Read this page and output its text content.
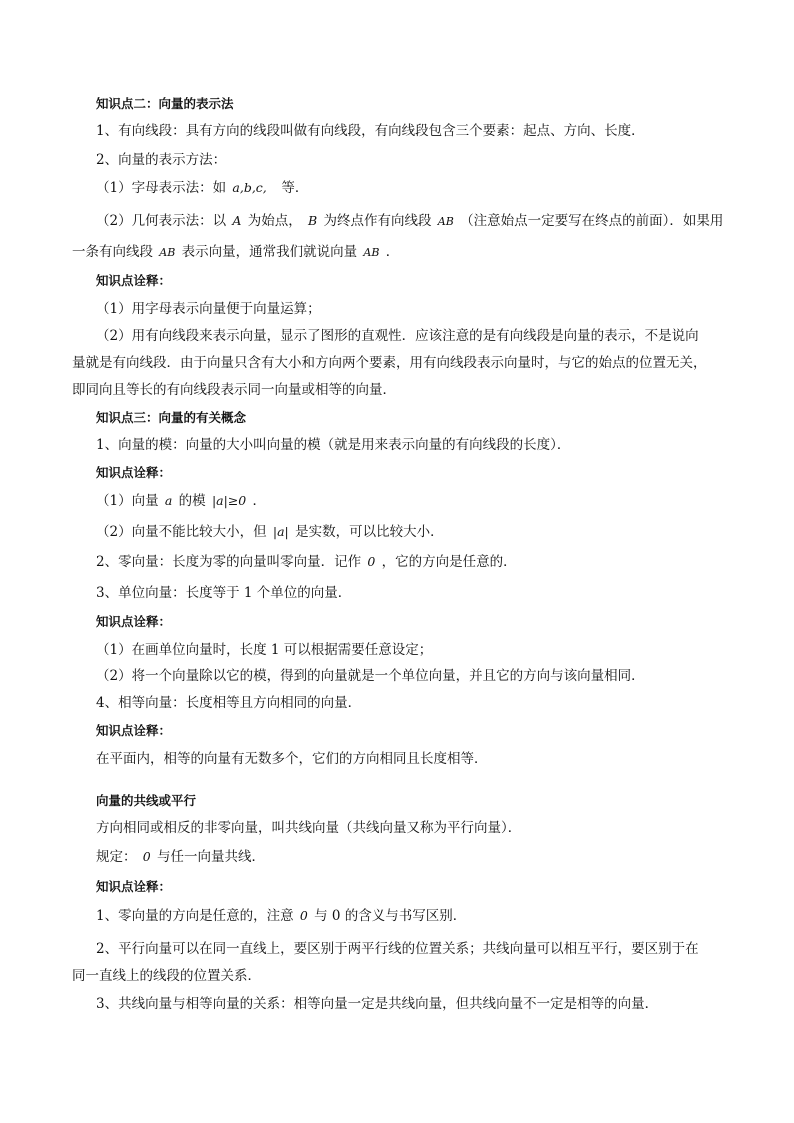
知识点二：向量的表示法
1、有向线段：具有方向的线段叫做有向线段，有向线段包含三个要素：起点、方向、长度．
2、向量的表示方法：
（1）字母表示法：如 a,b,c, 等．
（2）几何表示法：以 A 为始点， B 为终点作有向线段 AB （注意始点一定要写在终点的前面）．如果用
一条有向线段 AB 表示向量，通常我们就说向量 AB ．
知识点诠释：
（1）用字母表示向量便于向量运算；
（2）用有向线段来表示向量，显示了图形的直观性．应该注意的是有向线段是向量的表示，不是说向
量就是有向线段．由于向量只含有大小和方向两个要素，用有向线段表示向量时，与它的始点的位置无关，
即同向且等长的有向线段表示同一向量或相等的向量．
知识点三：向量的有关概念
1、向量的模：向量的大小叫向量的模（就是用来表示向量的有向线段的长度）．
知识点诠释：
（1）向量 a 的模 |a|≥0 ．
（2）向量不能比较大小，但 |a| 是实数，可以比较大小．
2、零向量：长度为零的向量叫零向量．记作 0 ，它的方向是任意的．
3、单位向量：长度等于 1 个单位的向量．
知识点诠释：
（1）在画单位向量时，长度 1 可以根据需要任意设定；
（2）将一个向量除以它的模，得到的向量就是一个单位向量，并且它的方向与该向量相同．
4、相等向量：长度相等且方向相同的向量．
知识点诠释：
在平面内，相等的向量有无数多个，它们的方向相同且长度相等．
向量的共线或平行
方向相同或相反的非零向量，叫共线向量（共线向量又称为平行向量）．
规定： 0 与任一向量共线．
知识点诠释：
1、零向量的方向是任意的，注意 0 与 0 的含义与书写区别．
2、平行向量可以在同一直线上，要区别于两平行线的位置关系；共线向量可以相互平行，要区别于在
同一直线上的线段的位置关系．
3、共线向量与相等向量的关系：相等向量一定是共线向量，但共线向量不一定是相等的向量．
